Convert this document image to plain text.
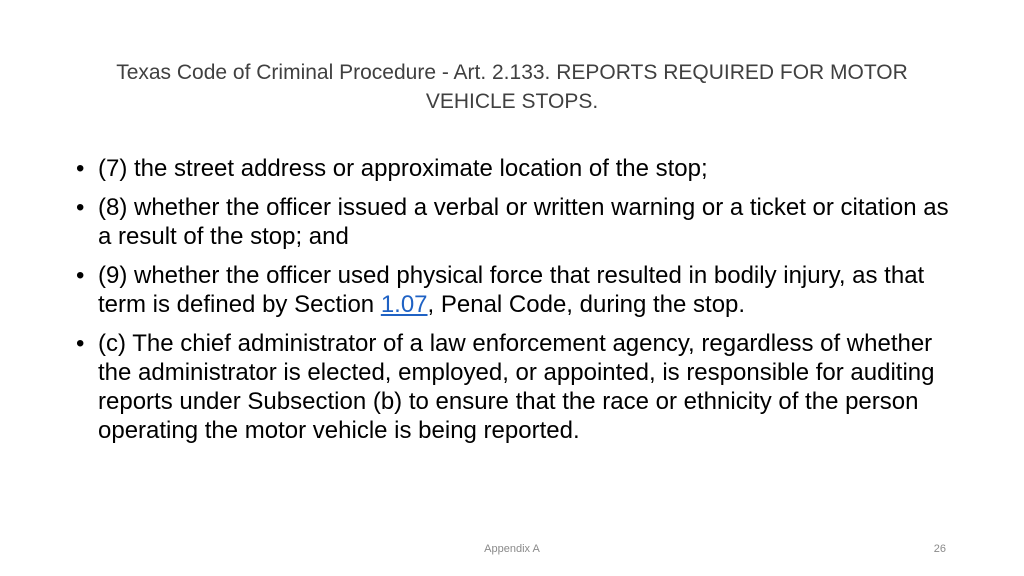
Texas Code of Criminal Procedure - Art. 2.133. REPORTS REQUIRED FOR MOTOR
VEHICLE STOPS.
• (7) the street address or approximate location of the stop;
• (8) whether the officer issued a verbal or written warning or a ticket or citation as a result of the stop; and
• (9) whether the officer used physical force that resulted in bodily injury, as that term is defined by Section 1.07, Penal Code, during the stop.
• (c) The chief administrator of a law enforcement agency, regardless of whether the administrator is elected, employed, or appointed, is responsible for auditing reports under Subsection (b) to ensure that the race or ethnicity of the person operating the motor vehicle is being reported.
Appendix A	26
